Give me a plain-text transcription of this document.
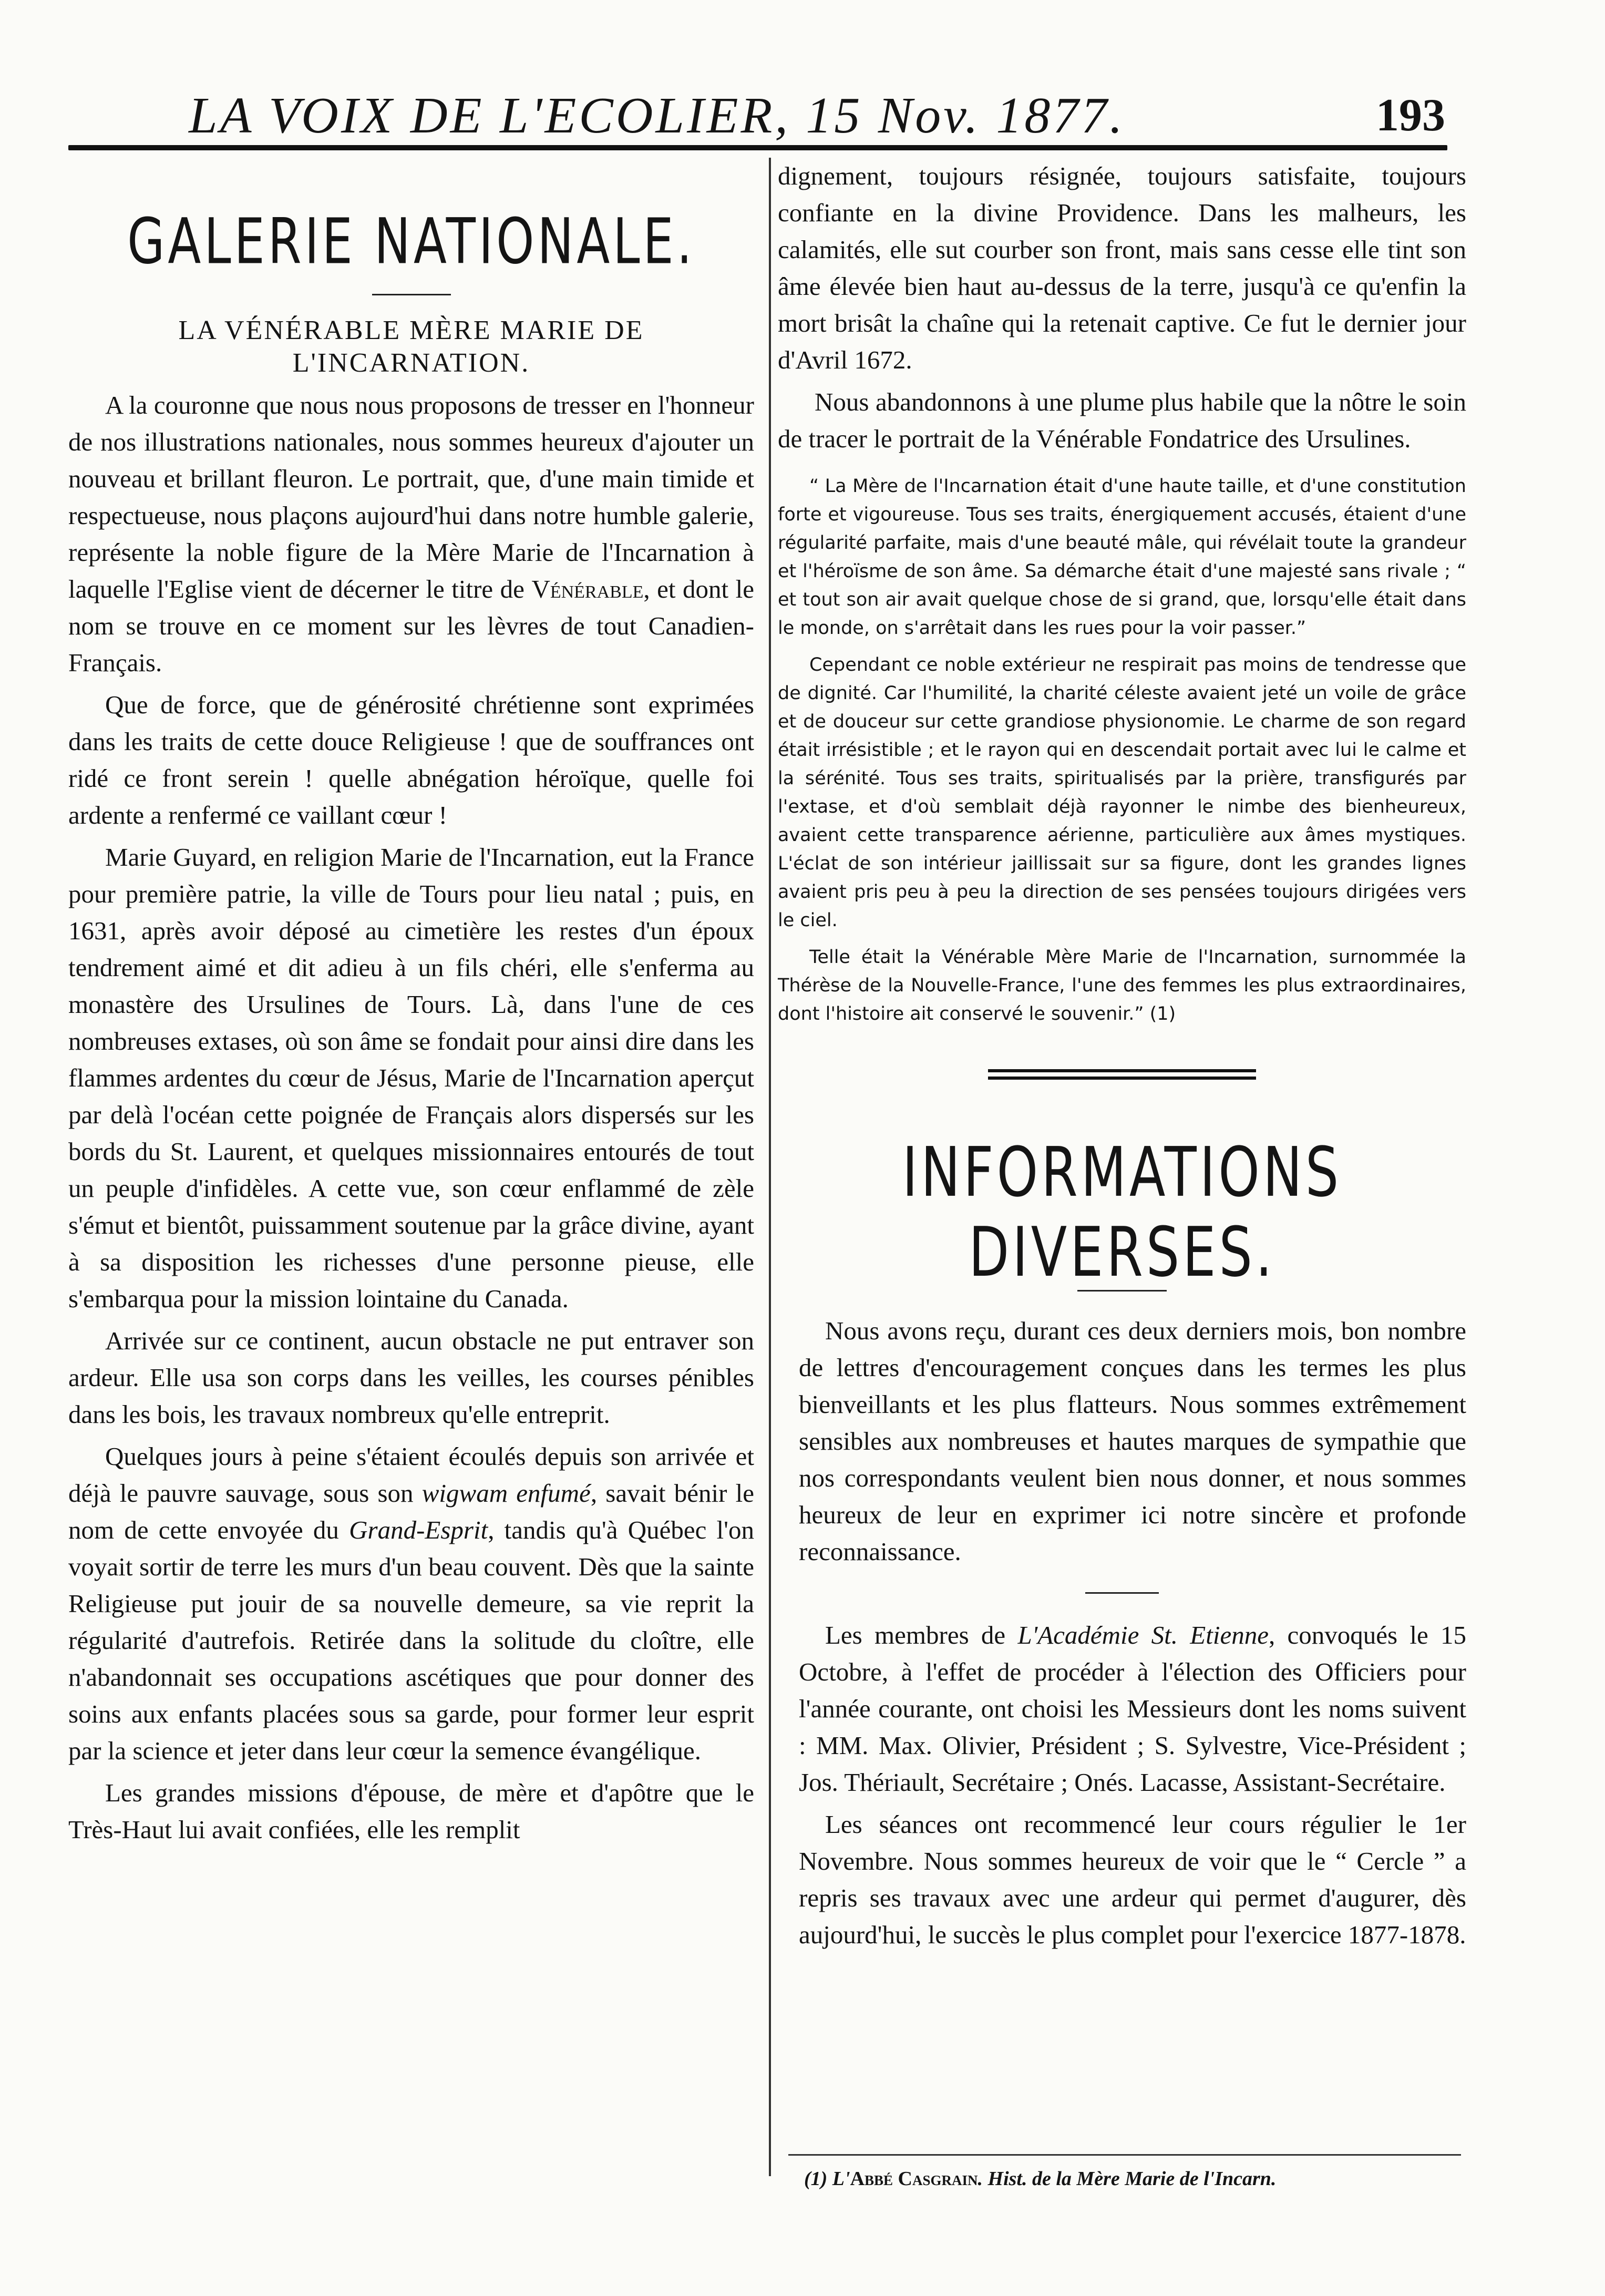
LA VOIX DE L'ECOLIER, 15 Nov. 1877.	193
GALERIE NATIONALE.
LA VÉNÉRABLE MÈRE MARIE DE
L'INCARNATION.

A la couronne que nous nous proposons de tresser en l'honneur de nos illustrations nationales, nous sommes heureux d'ajouter un nouveau et brillant fleuron. Le portrait, que, d'une main timide et respectueuse, nous plaçons aujourd'hui dans notre humble galerie, représente la noble figure de la Mère Marie de l'Incarnation à laquelle l'Eglise vient de décerner le titre de Vénérable, et dont le nom se trouve en ce moment sur les lèvres de tout Canadien-Français.

Que de force, que de générosité chrétienne sont exprimées dans les traits de cette douce Religieuse ! que de souffrances ont ridé ce front serein ! quelle abnégation héroïque, quelle foi ardente a renfermé ce vaillant cœur !

Marie Guyard, en religion Marie de l'Incarnation, eut la France pour première patrie, la ville de Tours pour lieu natal ; puis, en 1631, après avoir déposé au cimetière les restes d'un époux tendrement aimé et dit adieu à un fils chéri, elle s'enferma au monastère des Ursulines de Tours. Là, dans l'une de ces nombreuses extases, où son âme se fondait pour ainsi dire dans les flammes ardentes du cœur de Jésus, Marie de l'Incarnation aperçut par delà l'océan cette poignée de Français alors dispersés sur les bords du St. Laurent, et quelques missionnaires entourés de tout un peuple d'infidèles. A cette vue, son cœur enflammé de zèle s'émut et bientôt, puissamment soutenue par la grâce divine, ayant à sa disposition les richesses d'une personne pieuse, elle s'embarqua pour la mission lointaine du Canada.

Arrivée sur ce continent, aucun obstacle ne put entraver son ardeur. Elle usa son corps dans les veilles, les courses pénibles dans les bois, les travaux nombreux qu'elle entreprit.

Quelques jours à peine s'étaient écoulés depuis son arrivée et déjà le pauvre sauvage, sous son wigwam enfumé, savait bénir le nom de cette envoyée du Grand-Esprit, tandis qu'à Québec l'on voyait sortir de terre les murs d'un beau couvent. Dès que la sainte Religieuse put jouir de sa nouvelle demeure, sa vie reprit la régularité d'autrefois. Retirée dans la solitude du cloître, elle n'abandonnait ses occupations ascétiques que pour donner des soins aux enfants placées sous sa garde, pour former leur esprit par la science et jeter dans leur cœur la semence évangélique.

Les grandes missions d'épouse, de mère et d'apôtre que le Très-Haut lui avait confiées, elle les remplit

dignement, toujours résignée, toujours satisfaite, toujours confiante en la divine Providence. Dans les malheurs, les calamités, elle sut courber son front, mais sans cesse elle tint son âme élevée bien haut au-dessus de la terre, jusqu'à ce qu'enfin la mort brisât la chaîne qui la retenait captive. Ce fut le dernier jour d'Avril 1672.

Nous abandonnons à une plume plus habile que la nôtre le soin de tracer le portrait de la Vénérable Fondatrice des Ursulines.

“ La Mère de l'Incarnation était d'une haute taille, et d'une constitution forte et vigoureuse. Tous ses traits, énergiquement accusés, étaient d'une régularité parfaite, mais d'une beauté mâle, qui révélait toute la grandeur et l'héroïsme de son âme. Sa démarche était d'une majesté sans rivale ; “ et tout son air avait quelque chose de si grand, que, lorsqu'elle était dans le monde, on s'arrêtait dans les rues pour la voir passer.”

Cependant ce noble extérieur ne respirait pas moins de tendresse que de dignité. Car l'humilité, la charité céleste avaient jeté un voile de grâce et de douceur sur cette grandiose physionomie. Le charme de son regard était irrésistible ; et le rayon qui en descendait portait avec lui le calme et la sérénité. Tous ses traits, spiritualisés par la prière, transfigurés par l'extase, et d'où semblait déjà rayonner le nimbe des bienheureux, avaient cette transparence aérienne, particulière aux âmes mystiques. L'éclat de son intérieur jaillissait sur sa figure, dont les grandes lignes avaient pris peu à peu la direction de ses pensées toujours dirigées vers le ciel.

Telle était la Vénérable Mère Marie de l'Incarnation, surnommée la Thérèse de la Nouvelle-France, l'une des femmes les plus extraordinaires, dont l'histoire ait conservé le souvenir.” (1)

INFORMATIONS DIVERSES.

Nous avons reçu, durant ces deux derniers mois, bon nombre de lettres d'encouragement conçues dans les termes les plus bienveillants et les plus flatteurs. Nous sommes extrêmement sensibles aux nombreuses et hautes marques de sympathie que nos correspondants veulent bien nous donner, et nous sommes heureux de leur en exprimer ici notre sincère et profonde reconnaissance.

Les membres de L'Académie St. Etienne, convoqués le 15 Octobre, à l'effet de procéder à l'élection des Officiers pour l'année courante, ont choisi les Messieurs dont les noms suivent : MM. Max. Olivier, Président ; S. Sylvestre, Vice-Président ; Jos. Thériault, Secrétaire ; Onés. Lacasse, Assistant-Secrétaire.

Les séances ont recommencé leur cours régulier le 1er Novembre. Nous sommes heureux de voir que le “ Cercle ” a repris ses travaux avec une ardeur qui permet d'augurer, dès aujourd'hui, le succès le plus complet pour l'exercice 1877-1878.

(1) L'Abbé Casgrain. Hist. de la Mère Marie de l'Incarn.
